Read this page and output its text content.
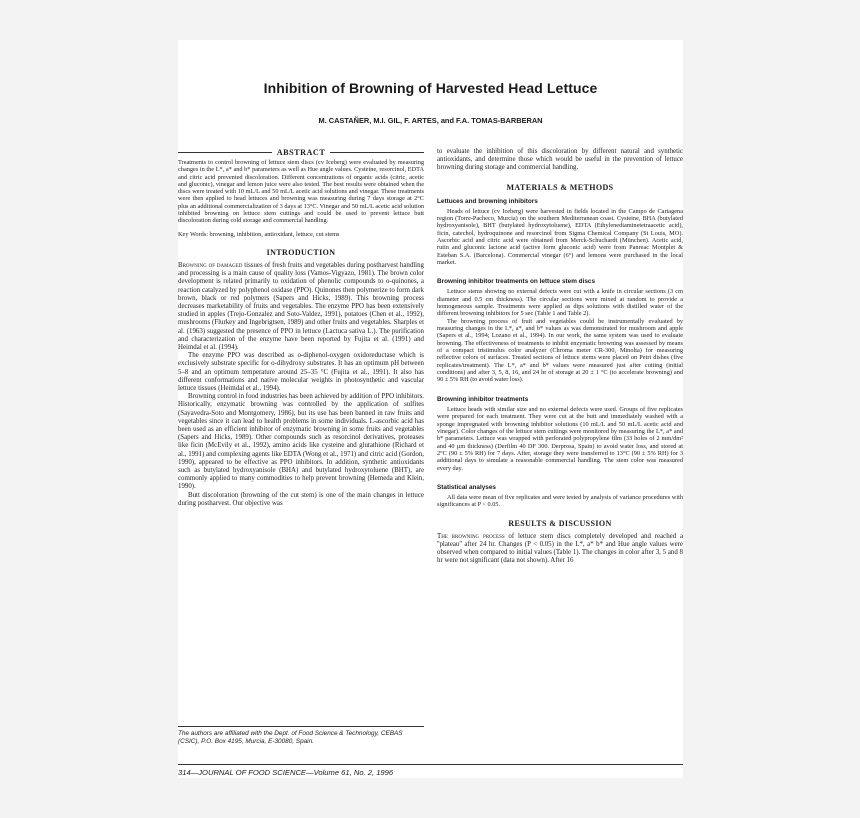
Inhibition of Browning of Harvested Head Lettuce
M. CASTAÑER, M.I. GIL, F. ARTES, and F.A. TOMAS-BARBERAN
ABSTRACT

Treatments to control browning of lettuce stem discs (cv Iceberg) were evaluated by measuring changes in the L*, a* and b* parameters as well as Hue angle values. Cysteine, resorcinol, EDTA and citric acid prevented discoloration. Different concentrations of organic acids (citric, acetic and gluconic), vinegar and lemon juice were also tested. The best results were obtained when the discs were treated with 10 mL/L and 50 mL/L acetic acid solutions and vinegar. These treatments were then applied to head lettuces and browning was measuring during 7 days storage at 2°C plus an additional commercialization of 3 days at 13°C. Vinegar and 50 mL/L acetic acid solution inhibited browning on lettuce stem cuttings and could be used to prevent lettuce butt discoloration during cold storage and commercial handling.

Key Words: browning, inhibition, antioxidant, lettuce, cut stems

INTRODUCTION

Browning of damaged tissues of fresh fruits and vegetables during postharvest handling and processing is a main cause of quality loss (Vamos-Vigyazo, 1981). The brown color development is related primarily to oxidation of phenolic compounds to o-quinones, a reaction catalyzed by polyphenol oxidase (PPO). Quinones then polymerize to form dark brown, black or red polymers (Sapers and Hicks, 1989). This browning process decreases marketability of fruits and vegetables. The enzyme PPO has been extensively studied in apples (Trejo-Gonzalez and Soto-Valdez, 1991), potatoes (Chen et al., 1992), mushrooms (Flurkey and Ingebrigtsen, 1989) and other fruits and vegetables. Sharples et al. (1963) suggested the presence of PPO in lettuce (Lactuca sativa L.). The purification and characterization of the enzyme have been reported by Fujita et al. (1991) and Heimdal et al. (1994).

The enzyme PPO was described as o-diphenol-oxygen oxidoreductase which is exclusively substrate specific for o-dihydroxy substrates. It has an optimum pH between 5–8 and an optimum temperature around 25–35 °C (Fujita et al., 1991). It also has different conformations and native molecular weights in photosynthetic and vascular lettuce tissues (Heimdal et al., 1994).

Browning control in food industries has been achieved by addition of PPO inhibitors. Historically, enzymatic browning was controlled by the application of sulfites (Sayavedra-Soto and Montgomery, 1986), but its use has been banned in raw fruits and vegetables since it can lead to health problems in some individuals. L-ascorbic acid has been used as an efficient inhibitor of enzymatic browning in some fruits and vegetables (Sapers and Hicks, 1989). Other compounds such as resorcinol derivatives, proteases like ficin (McEvily et al., 1992), amino acids like cysteine and glutathione (Richard et al., 1991) and complexing agents like EDTA (Wong et al., 1971) and citric acid (Gordon, 1990), appeared to be effective as PPO inhibitors. In addition, synthetic antioxidants such as butylated hydroxyanisole (BHA) and butylated hydroxytoluene (BHT), are commonly applied to many commodities to help prevent browning (Hemeda and Klein, 1990).

Butt discoloration (browning of the cut stem) is one of the main changes in lettuce during postharvest. Our objective was

The authors are affiliated with the Dept. of Food Science & Technology, CEBAS (CSIC), P.O. Box 4195, Murcia, E-30080, Spain.

to evaluate the inhibition of this discoloration by different natural and synthetic antioxidants, and determine those which would be useful in the prevention of lettuce browning during storage and commercial handling.

MATERIALS & METHODS
Lettuces and browning inhibitors

Heads of lettuce (cv Iceberg) were harvested in fields located in the Campo de Cartagena region (Torre-Pacheco, Murcia) on the southern Mediterranean coast. Cysteine, BHA (butylated hydroxyanisole), BHT (butylated hydroxytoluene), EDTA (Ethylenediaminetetraacetic acid), ficin, catechol, hydroquinone and resorcinol from Sigma Chemical Company (St Louis, MO). Ascorbic acid and citric acid were obtained from Merck-Schuchardt (München). Acetic acid, rutin and gluconic lactone acid (active form gluconic acid) were from Panreac Montplet & Esteban S.A. (Barcelona). Commercial vinegar (6°) and lemons were purchased in the local market.

Browning inhibitor treatments on lettuce stem discs

Lettuce stems showing no external defects were cut with a knife in circular sections (3 cm diameter and 0.5 cm thickness). The circular sections were mixed at random to provide a homogeneous sample. Treatments were applied as dips solutions with distilled water of the different browning inhibitors for 5 sec (Table 1 and Table 2).

The browning process of fruit and vegetables could be instrumentally evaluated by measuring changes in the L*, a*, and b* values as was demonstrated for mushroom and apple (Sapers et al., 1994; Lozano et al., 1994). In our work, the same system was used to evaluate browning. The effectiveness of treatments to inhibit enzymatic browning was assessed by means of a compact tristimulus color analyzer (Chroma meter CR-300, Minolta) for measuring reflective colors of surfaces. Treated sections of lettuce stems were placed on Petri dishes (five replicates/treatment). The L*, a* and b* values were measured just after cutting (initial conditions) and after 3, 5, 8, 16, and 24 hr of storage at 20 ± 1 °C (to accelerate browning) and 90 ± 5% RH (to avoid water loss).

Browning inhibitor treatments

Lettuce heads with similar size and no external defects were used. Groups of five replicates were prepared for each treatment. They were cut at the butt and immediately washed with a sponge impregnated with browning inhibitor solutions (10 mL/L and 50 mL/L acetic acid and vinegar). Color changes of the lettuce stem cuttings were monitored by measuring the L*, a* and b* parameters. Lettuce was wrapped with perforated polypropylene film (33 holes of 2 mm/dm² and 40 µm thickness) (Derfilm 40 DF 300. Derprosa, Spain) to avoid water loss, and stored at 2°C (90 ± 5% RH) for 7 days. After, storage they were transferred to 13°C (90 ± 5% RH) for 3 additional days to simulate a reasonable commercial handling. The stem color was measured every day.

Statistical analyses

All data were mean of five replicates and were tested by analysis of variance procedures with significances at P < 0.05.

RESULTS & DISCUSSION

The browning process of lettuce stem discs completely developed and reached a ''plateau'' after 24 hr. Changes (P < 0.05) in the L*, a* b* and Hue angle values were observed when compared to initial values (Table 1). The changes in color after 3, 5 and 8 hr were not significant (data not shown). After 16

314—JOURNAL OF FOOD SCIENCE—Volume 61, No. 2, 1996
